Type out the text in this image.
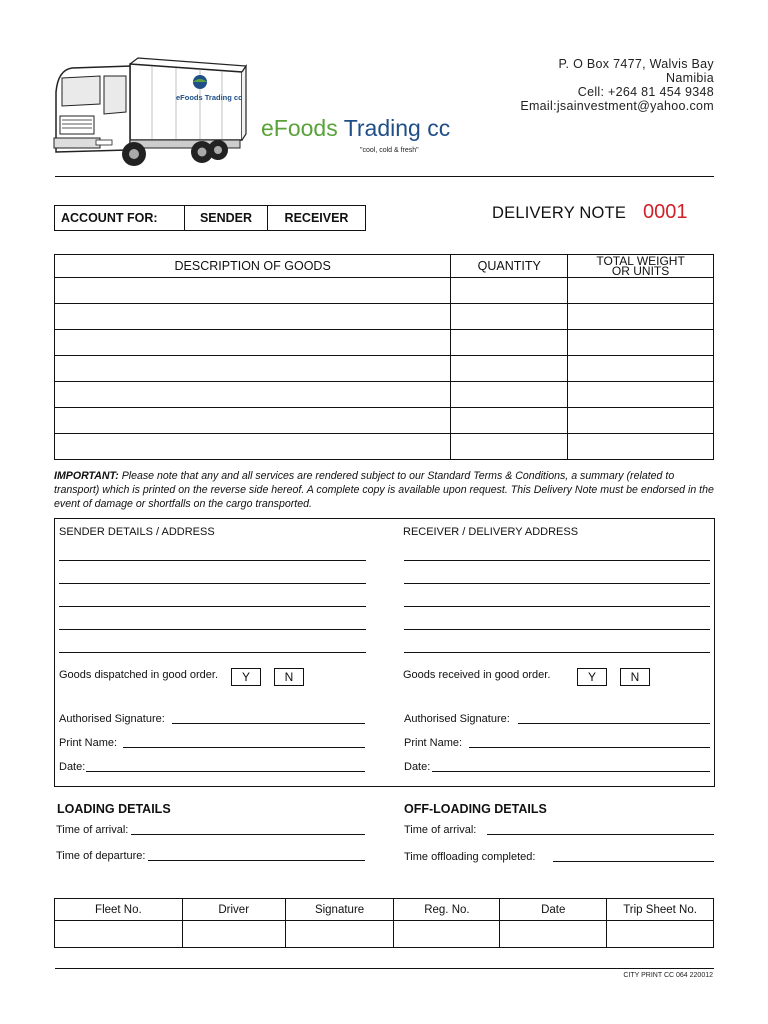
eFoods Trading cc
eFoods Trading cc
"cool, cold & fresh"
P. O Box 7477, Walvis Bay
Namibia
Cell: +264 81 454 9348
Email:jsainvestment@yahoo.com
ACCOUNT FOR:	SENDER	RECEIVER	DELIVERY NOTE 0001
DESCRIPTION OF GOODS	QUANTITY	TOTAL WEIGHT
OR UNITS

IMPORTANT: Please note that any and all services are rendered subject to our Standard Terms & Conditions, a summary (related to transport) which is printed on the reverse side hereof. A complete copy is available upon request. This Delivery Note must be endorsed in the event of damage or shortfalls on the cargo transported.
SENDER DETAILS / ADDRESS
Goods dispatched in good order.	Y	N
Authorised Signature:
Print Name:
Date:
RECEIVER / DELIVERY ADDRESS
Goods received in good order.	Y	N
Authorised Signature:
Print Name:
Date:
LOADING DETAILS
Time of arrival:
Time of departure:
OFF-LOADING DETAILS
Time of arrival:
Time offloading completed:
Fleet No.	Driver	Signature	Reg. No.	Date	Trip Sheet No.

CITY PRINT CC 064 220012
